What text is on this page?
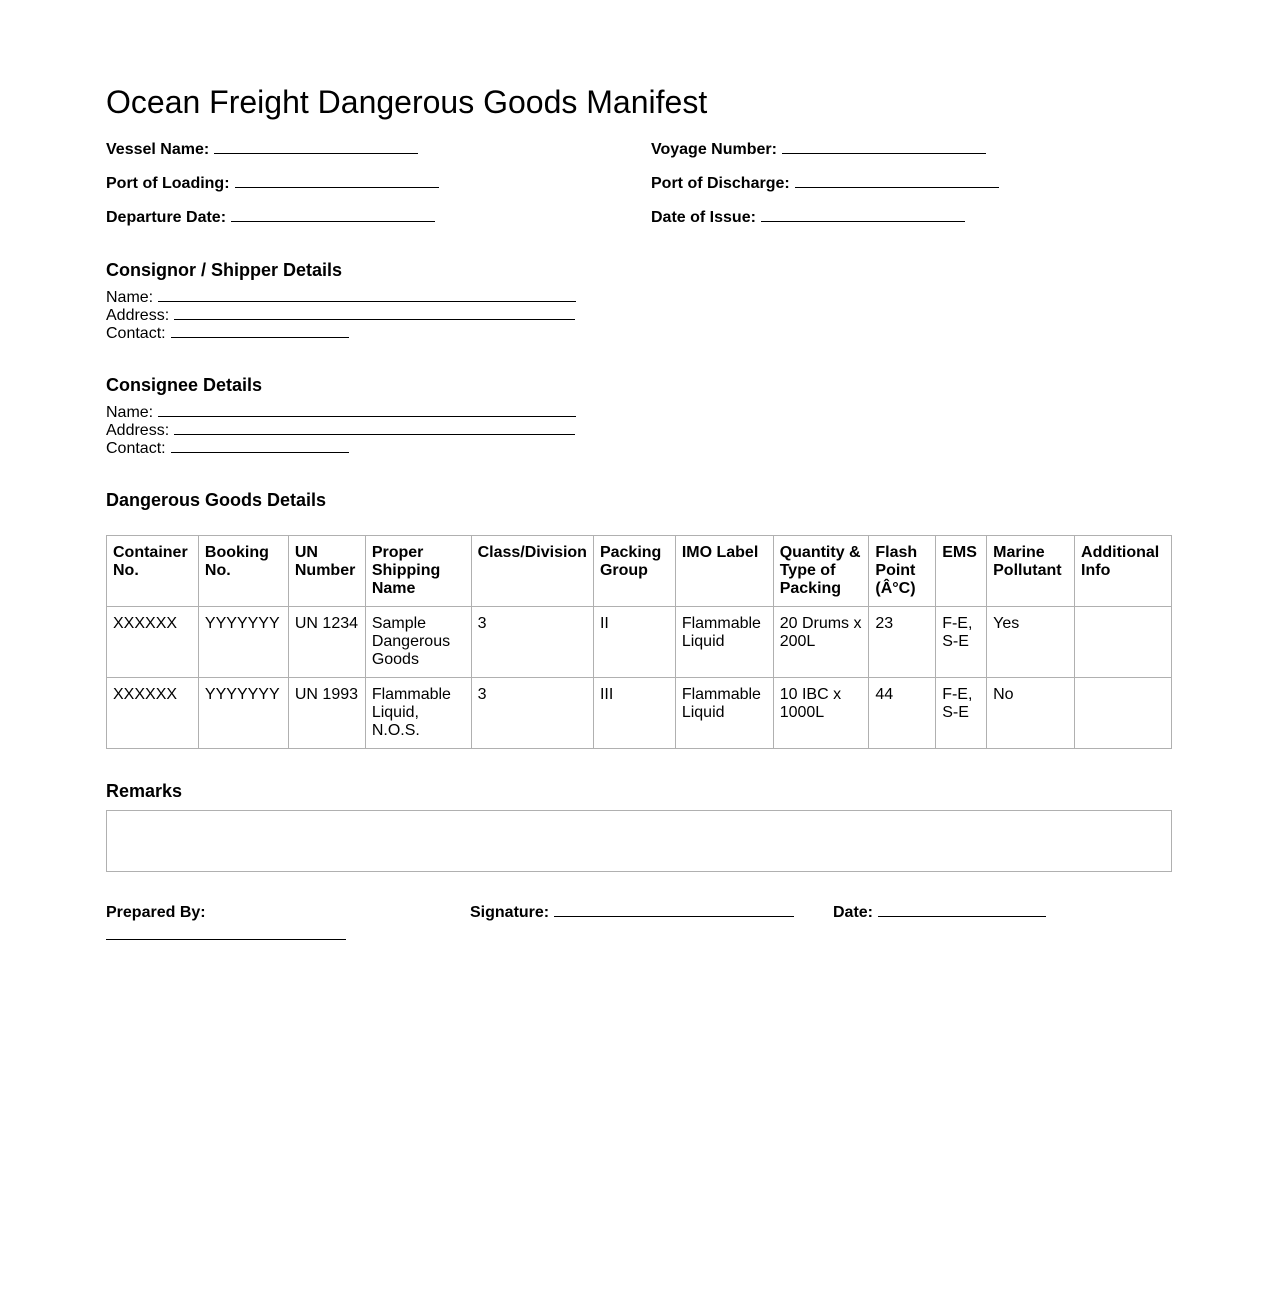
Ocean Freight Dangerous Goods Manifest
Vessel Name:	Voyage Number:
Port of Loading:	Port of Discharge:
Departure Date:	Date of Issue:
Consignor / Shipper Details
Name:
Address:
Contact:
Consignee Details
Name:
Address:
Contact:
Dangerous Goods Details
Container No.	Booking No.	UN Number	Proper Shipping Name	Class/Division	Packing Group	IMO Label	Quantity & Type of Packing	Flash Point (Â°C)	EMS	Marine Pollutant	Additional Info
XXXXXX	YYYYYYY	UN 1234	Sample Dangerous Goods	3	II	Flammable Liquid	20 Drums x 200L	23	F-E, S-E	Yes	
XXXXXX	YYYYYYY	UN 1993	Flammable Liquid, N.O.S.	3	III	Flammable Liquid	10 IBC x 1000L	44	F-E, S-E	No	
Remarks
Prepared By:	Signature:	Date:
